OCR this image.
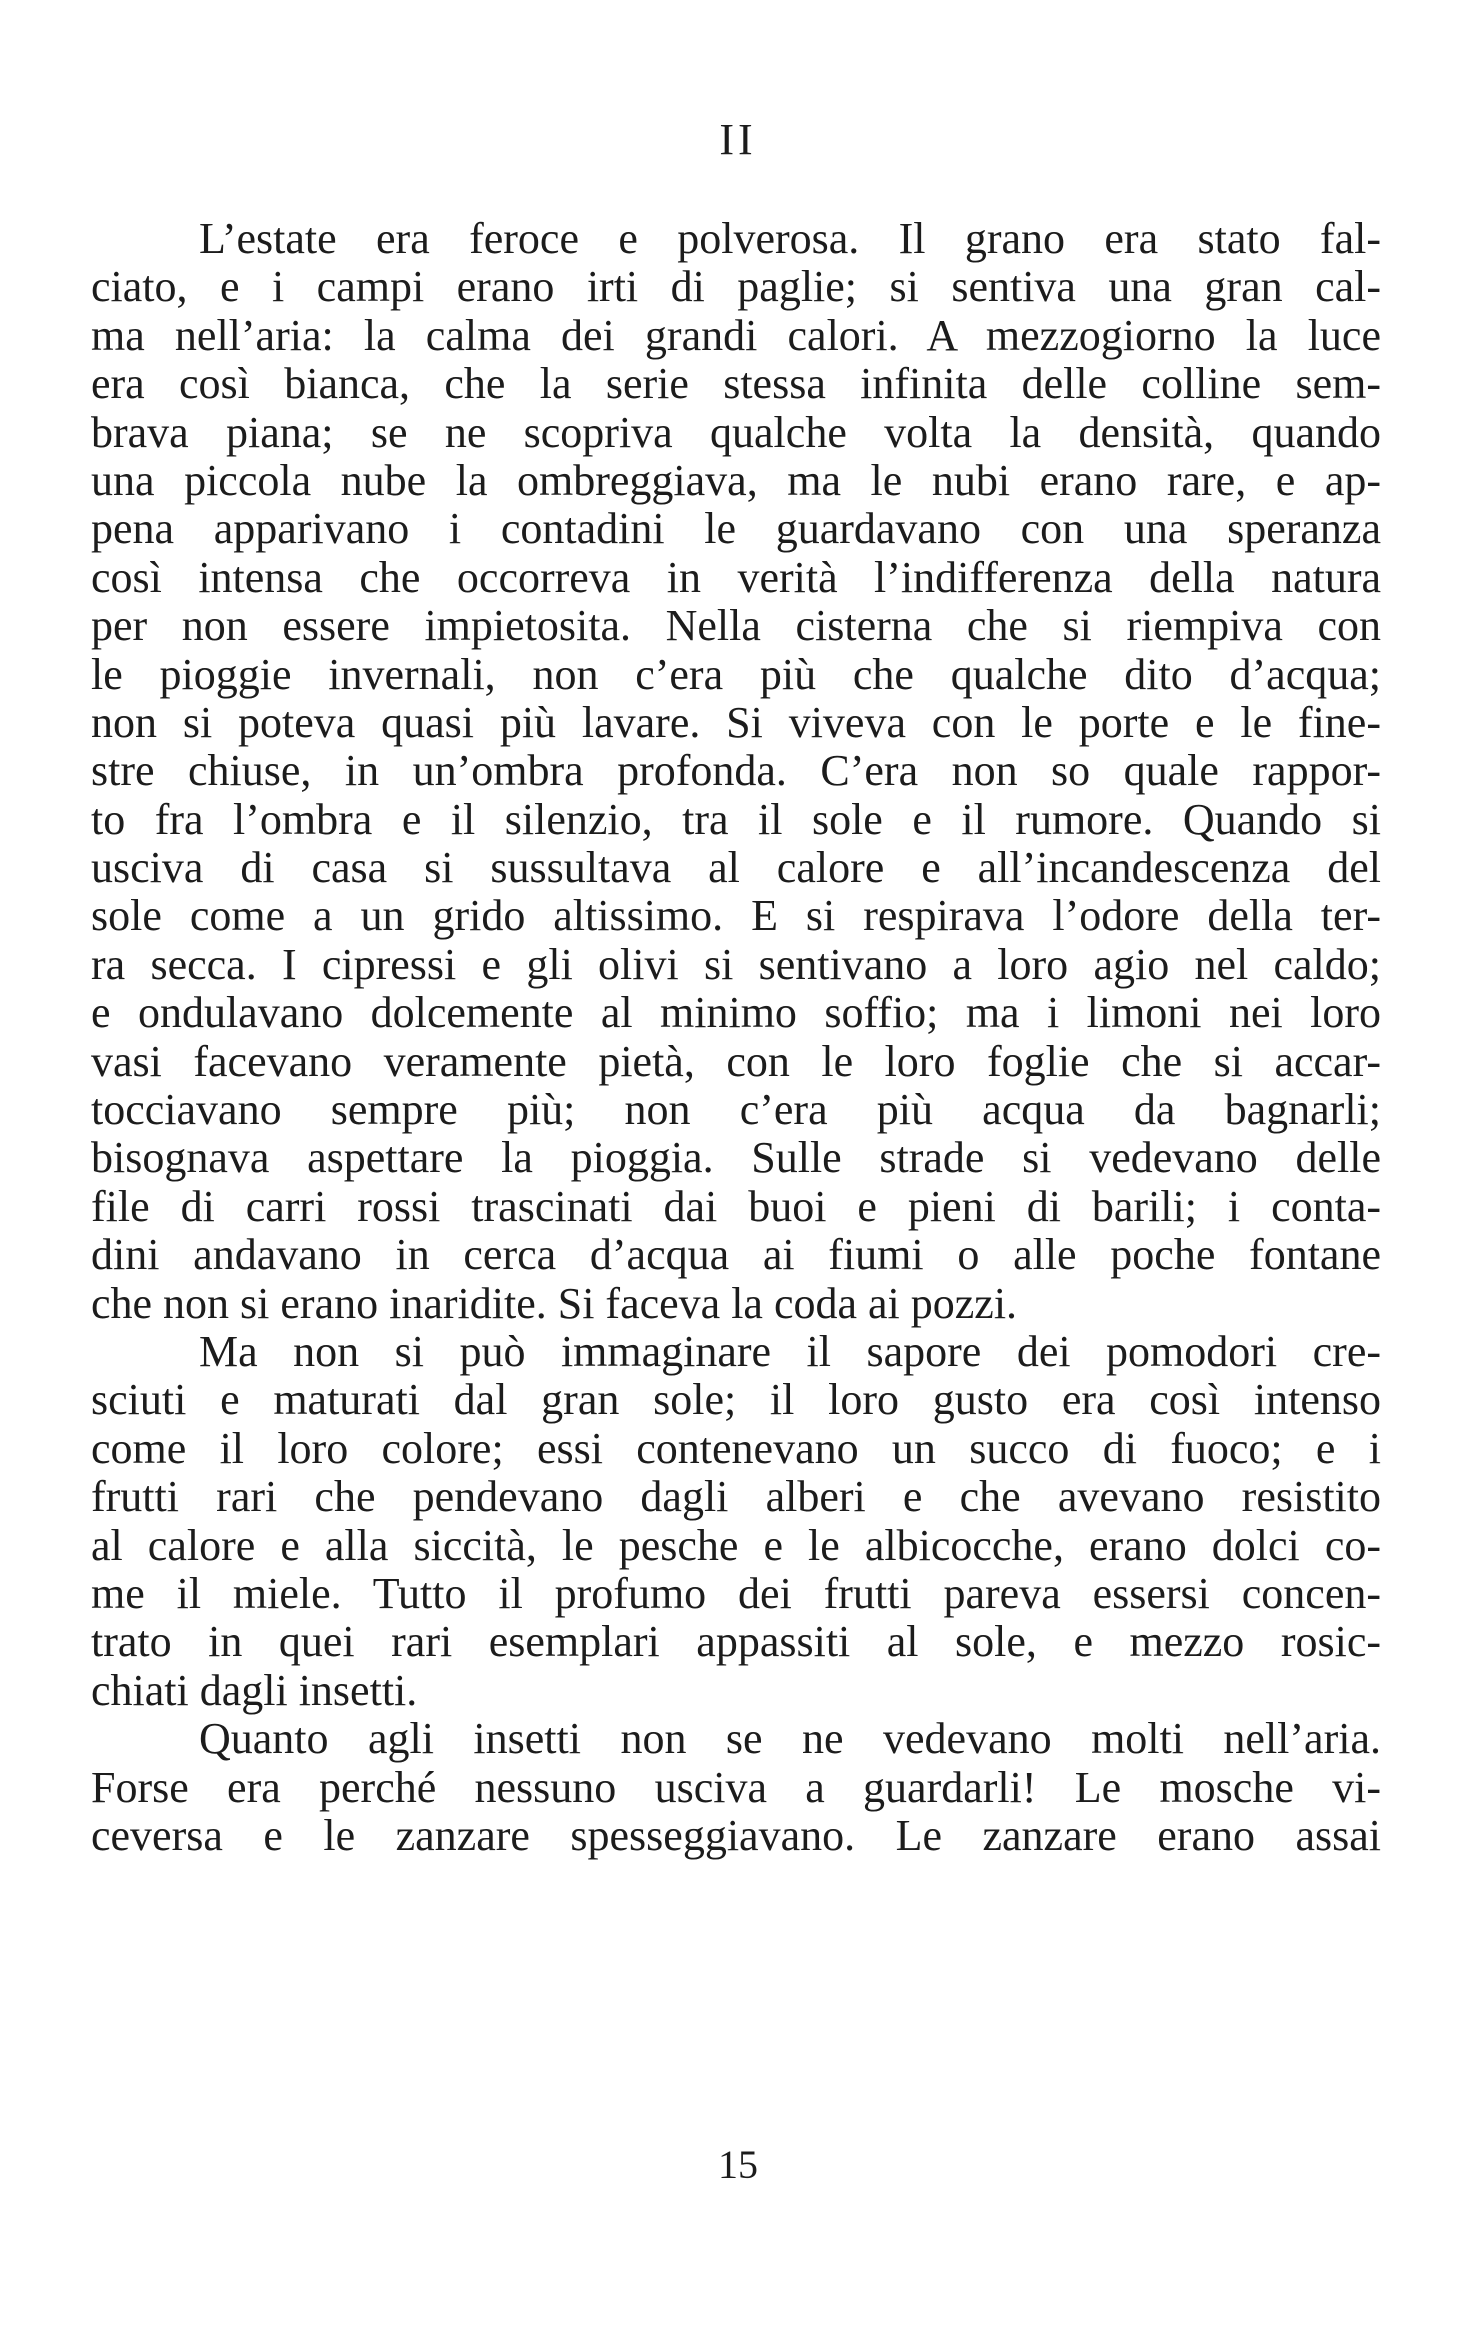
II
L’estate era feroce e polverosa. Il grano era stato fal-
ciato, e i campi erano irti di paglie; si sentiva una gran cal-
ma nell’aria: la calma dei grandi calori. A mezzogiorno la luce
era così bianca, che la serie stessa infinita delle colline sem-
brava piana; se ne scopriva qualche volta la densità, quando
una piccola nube la ombreggiava, ma le nubi erano rare, e ap-
pena apparivano i contadini le guardavano con una speranza
così intensa che occorreva in verità l’indifferenza della natura
per non essere impietosita. Nella cisterna che si riempiva con
le pioggie invernali, non c’era più che qualche dito d’acqua;
non si poteva quasi più lavare. Si viveva con le porte e le fine-
stre chiuse, in un’ombra profonda. C’era non so quale rappor-
to fra l’ombra e il silenzio, tra il sole e il rumore. Quando si
usciva di casa si sussultava al calore e all’incandescenza del
sole come a un grido altissimo. E si respirava l’odore della ter-
ra secca. I cipressi e gli olivi si sentivano a loro agio nel caldo;
e ondulavano dolcemente al minimo soffio; ma i limoni nei loro
vasi facevano veramente pietà, con le loro foglie che si accar-
tocciavano sempre più; non c’era più acqua da bagnarli;
bisognava aspettare la pioggia. Sulle strade si vedevano delle
file di carri rossi trascinati dai buoi e pieni di barili; i conta-
dini andavano in cerca d’acqua ai fiumi o alle poche fontane
che non si erano inaridite. Si faceva la coda ai pozzi.
Ma non si può immaginare il sapore dei pomodori cre-
sciuti e maturati dal gran sole; il loro gusto era così intenso
come il loro colore; essi contenevano un succo di fuoco; e i
frutti rari che pendevano dagli alberi e che avevano resistito
al calore e alla siccità, le pesche e le albicocche, erano dolci co-
me il miele. Tutto il profumo dei frutti pareva essersi concen-
trato in quei rari esemplari appassiti al sole, e mezzo rosic-
chiati dagli insetti.
Quanto agli insetti non se ne vedevano molti nell’aria.
Forse era perché nessuno usciva a guardarli! Le mosche vi-
ceversa e le zanzare spesseggiavano. Le zanzare erano assai
15
